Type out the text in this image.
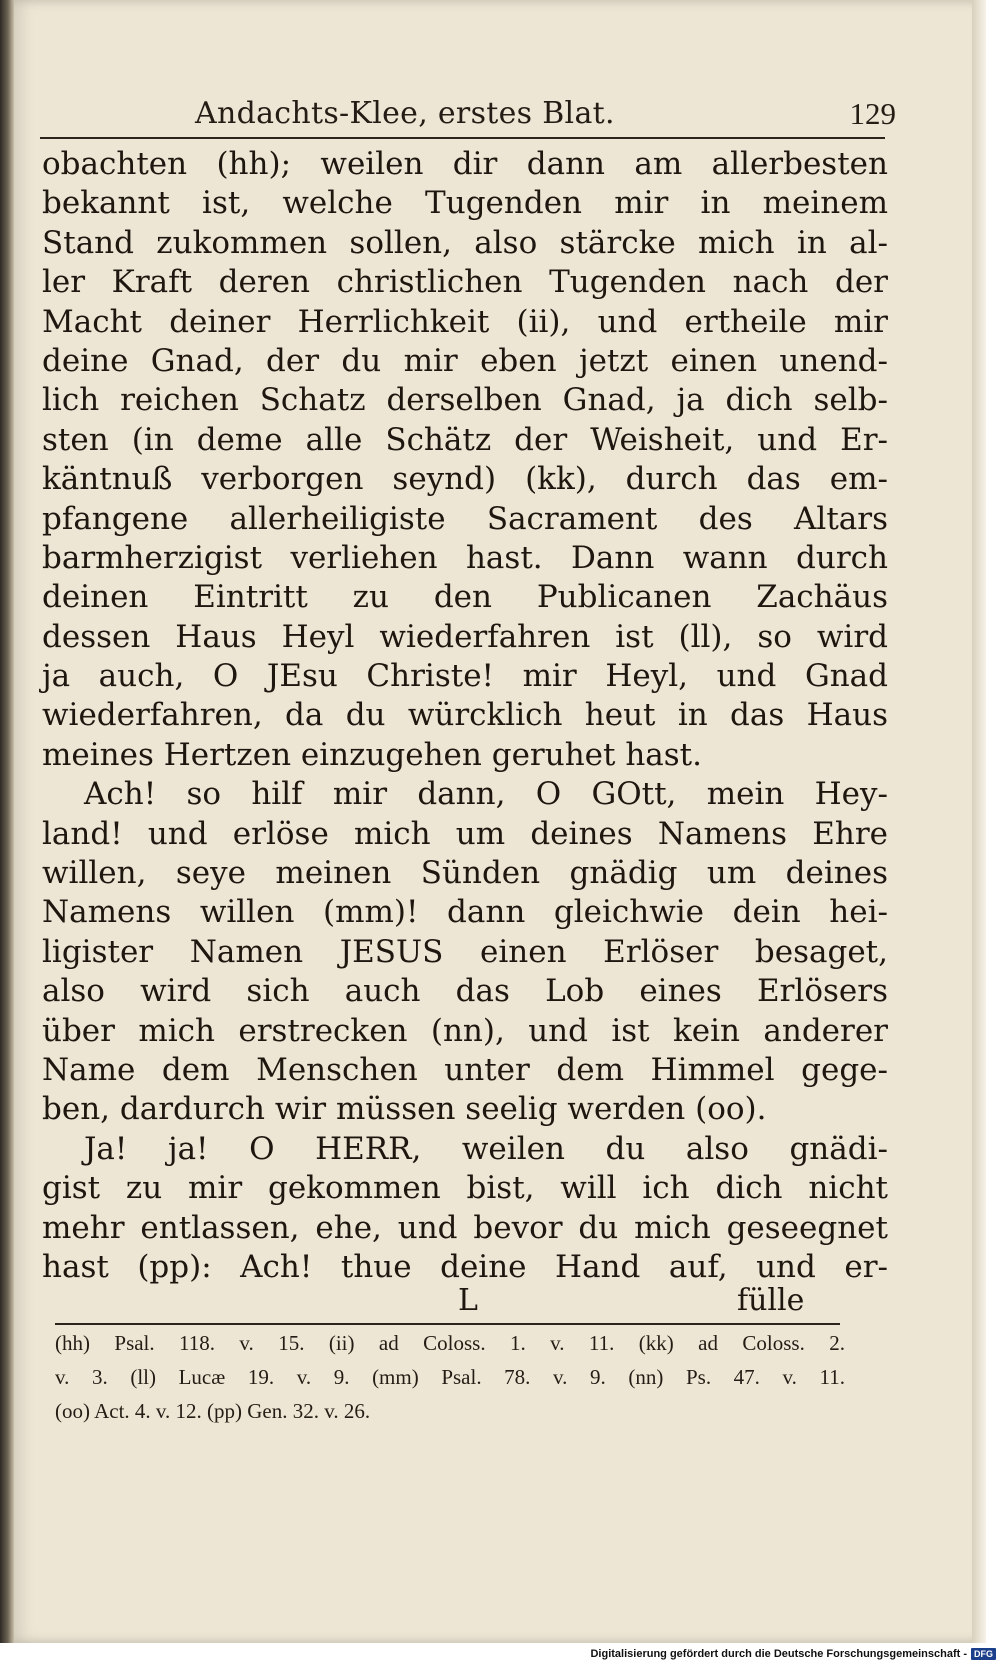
Andachts-Klee, erstes Blat.	129
obachten (hh); weilen dir dann am allerbesten
bekannt ist, welche Tugenden mir in meinem
Stand zukommen sollen, also stärcke mich in al-
ler Kraft deren christlichen Tugenden nach der
Macht deiner Herrlichkeit (ii), und ertheile mir
deine Gnad, der du mir eben jetzt einen unend-
lich reichen Schatz derselben Gnad, ja dich selb-
sten (in deme alle Schätz der Weisheit, und Er-
käntnuß verborgen seynd) (kk), durch das em-
pfangene allerheiligiste Sacrament des Altars
barmherzigist verliehen hast. Dann wann durch
deinen Eintritt zu den Publicanen Zachäus
dessen Haus Heyl wiederfahren ist (ll), so wird
ja auch, O JEsu Christe! mir Heyl, und Gnad
wiederfahren, da du würcklich heut in das Haus
meines Hertzen einzugehen geruhet hast.
Ach! so hilf mir dann, O GOtt, mein Hey-
land! und erlöse mich um deines Namens Ehre
willen, seye meinen Sünden gnädig um deines
Namens willen (mm)! dann gleichwie dein hei-
ligister Namen JESUS einen Erlöser besaget,
also wird sich auch das Lob eines Erlösers
über mich erstrecken (nn), und ist kein anderer
Name dem Menschen unter dem Himmel gege-
ben, dardurch wir müssen seelig werden (oo).
Ja! ja! O HERR, weilen du also gnädi-
gist zu mir gekommen bist, will ich dich nicht
mehr entlassen, ehe, und bevor du mich geseegnet
hast (pp): Ach! thue deine Hand auf, und er-
L	fülle
(hh) Psal. 118. v. 15. (ii) ad Coloss. 1. v. 11. (kk) ad Coloss. 2.
v. 3. (ll) Lucæ 19. v. 9. (mm) Psal. 78. v. 9. (nn) Ps. 47. v. 11.
(oo) Act. 4. v. 12. (pp) Gen. 32. v. 26.
Digitalisierung gefördert durch die Deutsche Forschungsgemeinschaft - DFG
